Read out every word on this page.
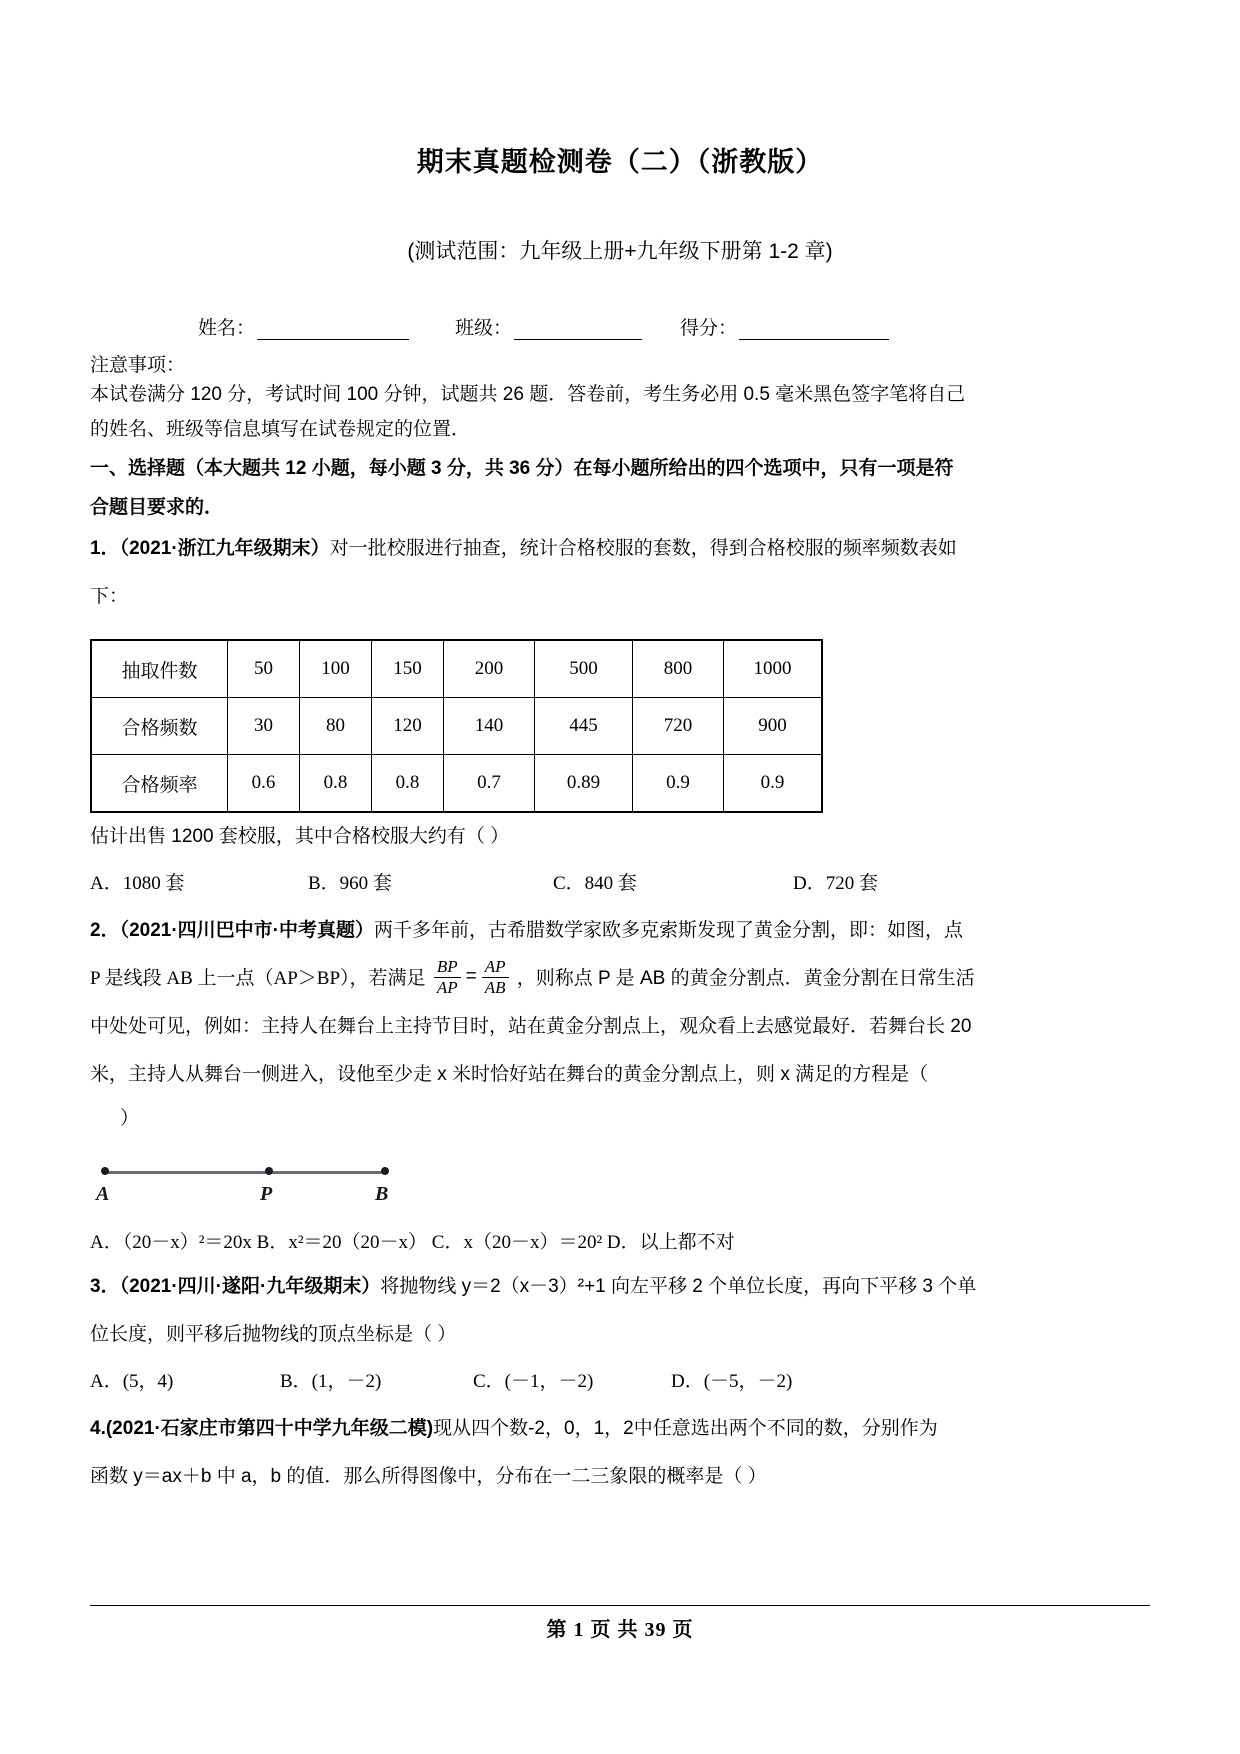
期末真题检测卷（二）（浙教版）
(测试范围：九年级上册+九年级下册第 1-2 章)
姓名：	班级：	得分：
注意事项：

本试卷满分 120 分，考试时间 100 分钟，试题共 26 题．答卷前，考生务必用 0.5 毫米黑色签字笔将自己

的姓名、班级等信息填写在试卷规定的位置．

一、选择题（本大题共 12 小题，每小题 3 分，共 36 分）在每小题所给出的四个选项中，只有一项是符

合题目要求的．

1．（2021·浙江九年级期末）对一批校服进行抽查，统计合格校服的套数，得到合格校服的频率频数表如

下：

抽取件数	50	100	150	200	500	800	1000
合格频数	30	80	120	140	445	720	900
合格频率	0.6	0.8	0.8	0.7	0.89	0.9	0.9

估计出售 1200 套校服，其中合格校服大约有（ ）

A．1080 套	B．960 套	C．840 套	D．720 套

2．（2021·四川巴中市·中考真题）两千多年前，古希腊数学家欧多克索斯发现了黄金分割，即：如图，点

P 是线段 AB 上一点（AP＞BP），若满足 $\frac{BP}{AP} = \frac{AP}{AB}$ ，则称点 P 是 AB 的黄金分割点．黄金分割在日常生活

中处处可见，例如：主持人在舞台上主持节目时，站在黄金分割点上，观众看上去感觉最好．若舞台长 20

米，主持人从舞台一侧进入，设他至少走 x 米时恰好站在舞台的黄金分割点上，则 x 满足的方程是（

）

A	P	B

A．（20－x）²＝20x B．x²＝20（20－x） C．x（20－x）＝20² D．以上都不对

3．（2021·四川·遂阳·九年级期末）将抛物线 y＝2（x－3）²+1 向左平移 2 个单位长度，再向下平移 3 个单

位长度，则平移后抛物线的顶点坐标是（ ）

A．(5，4)	B．(1，－2)	C．(－1，－2)	D．(－5，－2)

4.(2021·石家庄市第四十中学九年级二模)现从四个数-2，0，1，2中任意选出两个不同的数，分别作为

函数 y＝ax＋b 中 a，b 的值．那么所得图像中，分布在一二三象限的概率是（ ）

第 1 页 共 39 页
